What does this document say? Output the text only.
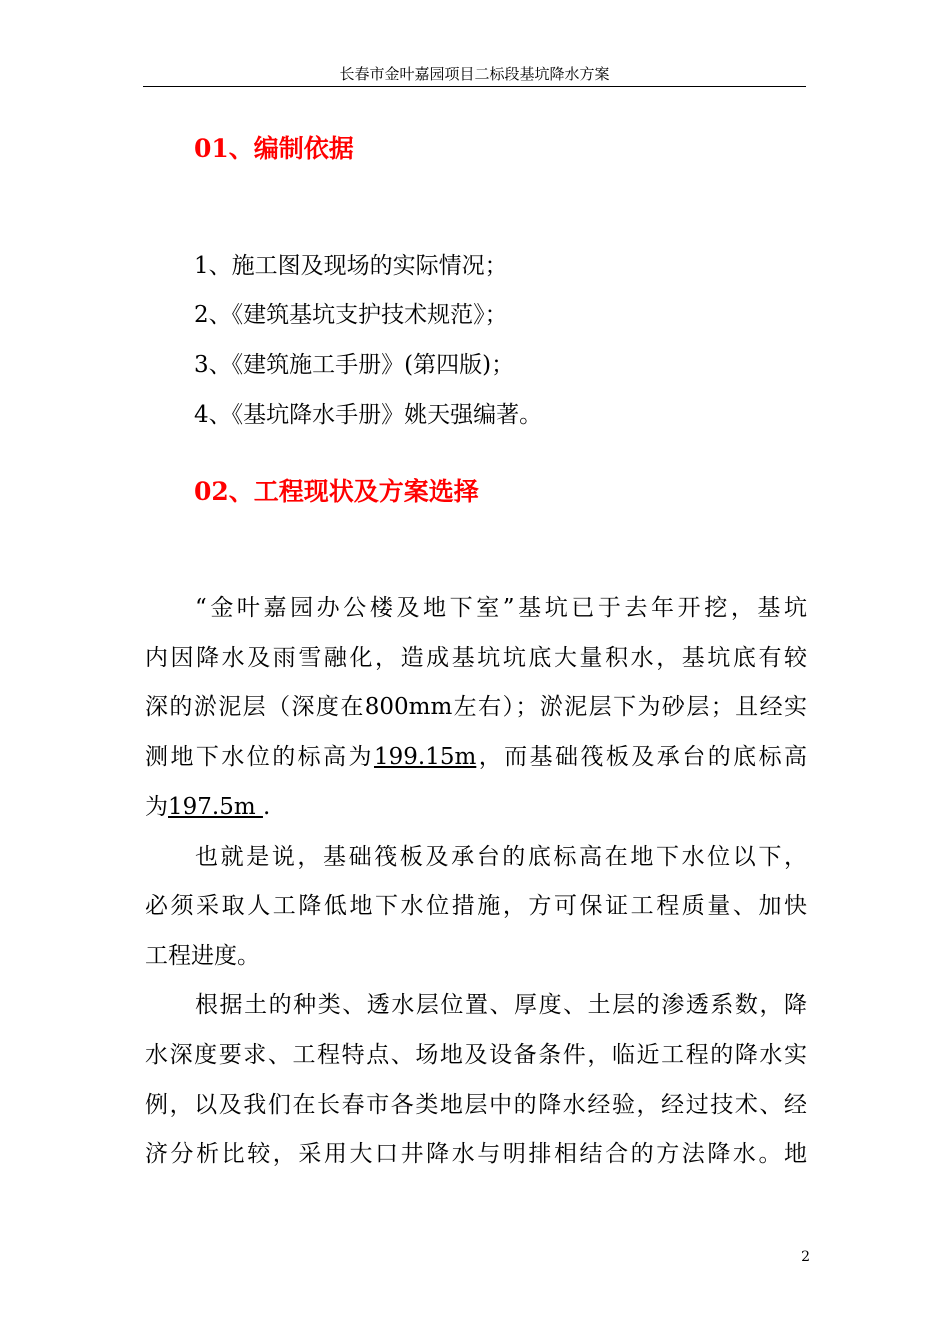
长春市金叶嘉园项目二标段基坑降水方案
01、编制依据
1、施工图及现场的实际情况；
2、《建筑基坑支护技术规范》；
3、《建筑施工手册》(第四版)；
4、《基坑降水手册》姚天强编著。
02、工程现状及方案选择
“金叶嘉园办公楼及地下室”基坑已于去年开挖，基坑
内因降水及雨雪融化，造成基坑坑底大量积水，基坑底有较
深的淤泥层（深度在800mm左右）；淤泥层下为砂层；且经实
测地下水位的标高为199.15m，而基础筏板及承台的底标高
为197.5m .
也就是说，基础筏板及承台的底标高在地下水位以下，
必须采取人工降低地下水位措施，方可保证工程质量、加快
工程进度。
根据土的种类、透水层位置、厚度、土层的渗透系数，降
水深度要求、工程特点、场地及设备条件，临近工程的降水实
例，以及我们在长春市各类地层中的降水经验，经过技术、经
济分析比较，采用大口井降水与明排相结合的方法降水。地
2
